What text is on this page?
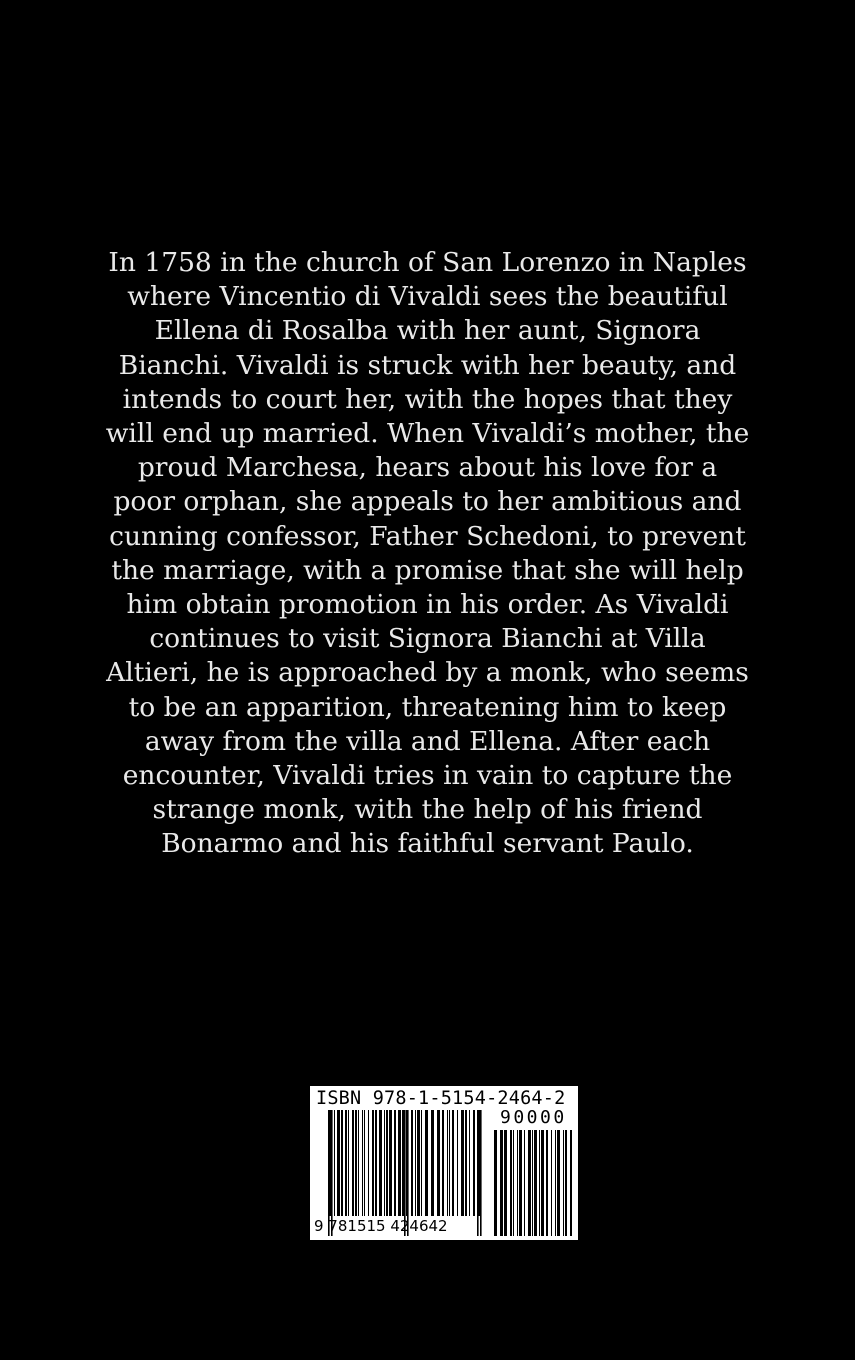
In 1758 in the church of San Lorenzo in Naples
where Vincentio di Vivaldi sees the beautiful
Ellena di Rosalba with her aunt, Signora
Bianchi. Vivaldi is struck with her beauty, and
intends to court her, with the hopes that they
will end up married. When Vivaldi’s mother, the
proud Marchesa, hears about his love for a
poor orphan, she appeals to her ambitious and
cunning confessor, Father Schedoni, to prevent
the marriage, with a promise that she will help
him obtain promotion in his order. As Vivaldi
continues to visit Signora Bianchi at Villa
Altieri, he is approached by a monk, who seems
to be an apparition, threatening him to keep
away from the villa and Ellena. After each
encounter, Vivaldi tries in vain to capture the
strange monk, with the help of his friend
Bonarmo and his faithful servant Paulo.
ISBN 978-1-5154-2464-2
90000
9 781515 424642
